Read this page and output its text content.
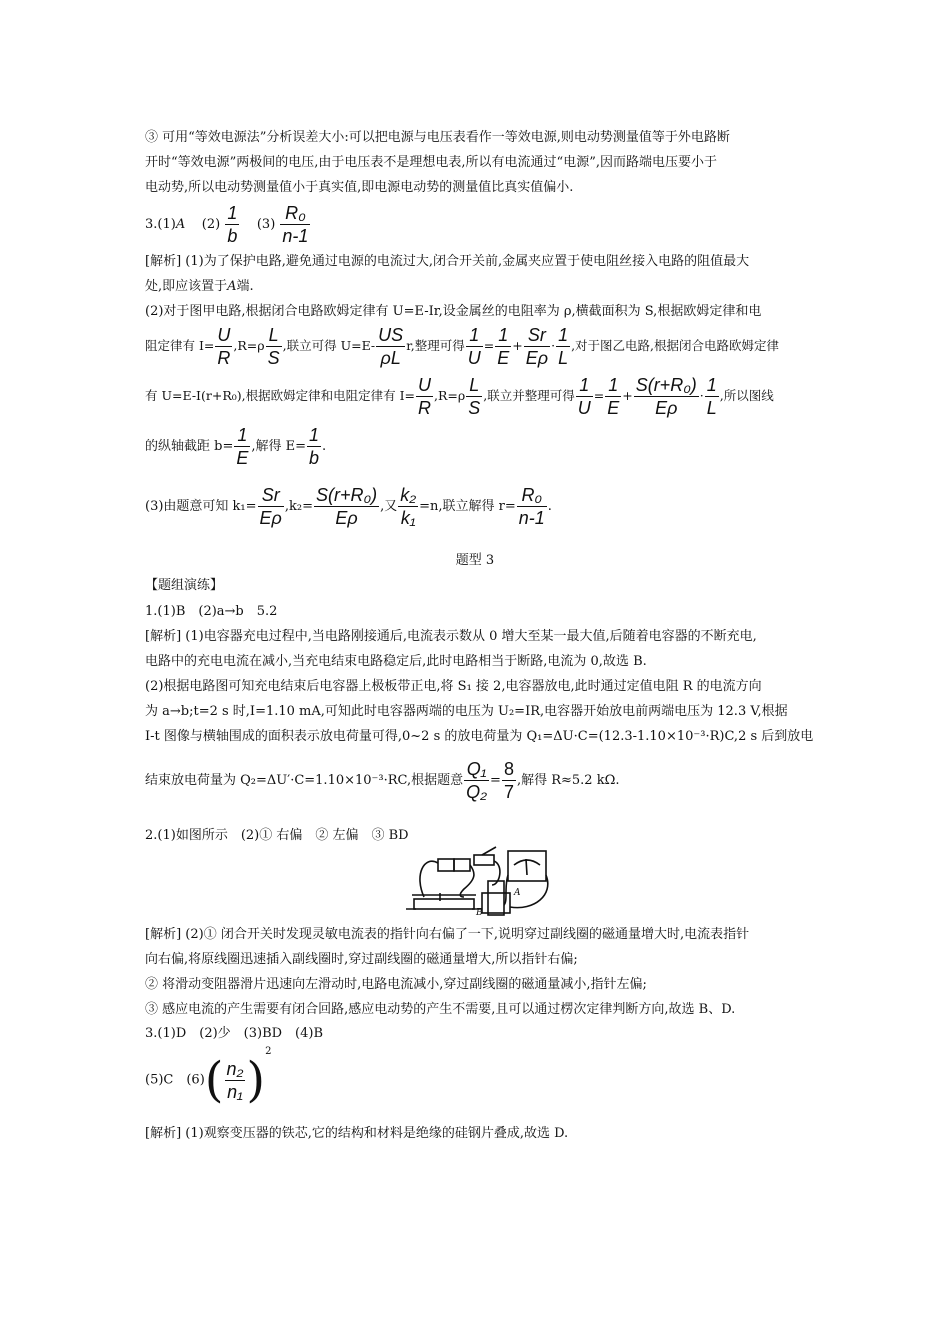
③ 可用“等效电源法”分析误差大小:可以把电源与电压表看作一等效电源,则电动势测量值等于外电路断
开时“等效电源”两极间的电压,由于电压表不是理想电表,所以有电流通过“电源”,因而路端电压要小于
电动势,所以电动势测量值小于真实值,即电源电动势的测量值比真实值偏小.
3.(1)A $(2) \frac{1}{b} (3) \frac{\text{R₀}}{n-1}$
[解析] (1)为了保护电路,避免通过电源的电流过大,闭合开关前,金属夹应置于使电阻丝接入电路的阻值最大
处,即应该置于A端.
(2)对于图甲电路,根据闭合电路欧姆定律有 U=E-Ir,设金属丝的电阻率为 ρ,横截面积为 S,根据欧姆定律和电
阻定律有 $I= \frac{U}{R} ,R=\rho \frac{L}{S}$ ,联立可得 $U=E- \frac{US}{\rho L} r$,整理可得 $\frac{1}{U} = \frac{1}{E} + \frac{Sr}{E\rho} \cdot \frac{1}{L}$ ,对于图乙电路,根据闭合电路欧姆定律
有 U=E-I(r+R₀),根据欧姆定律和电阻定律有 $I= \frac{U}{R} ,R=\rho \frac{L}{S}$ ,联立并整理可得 $\frac{1}{U} = \frac{1}{E} + \frac{\text{S(r+R₀)}}{E\rho} \cdot \frac{1}{L}$ ,所以图线
的纵轴截距 $b= \frac{1}{E}$ ,解得 $E= \frac{1}{b}$ .
(3)由题意可知 $k_1= \frac{Sr}{E\rho} ,k_2= \frac{\text{S(r+R₀)}}{E\rho}$ ,又 $\frac{\text{k₂}}{\text{k₁}} =n$,联立解得 $r= \frac{\text{R₀}}{n-1}$ .
题型 3
【题组演练】
1.(1)B　(2)a→b　5.2
[解析] (1)电容器充电过程中,当电路刚接通后,电流表示数从 0 增大至某一最大值,后随着电容器的不断充电,
电路中的充电电流在减小,当充电结束电路稳定后,此时电路相当于断路,电流为 0,故选 B.
(2)根据电路图可知充电结束后电容器上极板带正电,将 S₁ 接 2,电容器放电,此时通过定值电阻 R 的电流方向
为 a→b;t=2 s 时,I=1.10 mA,可知此时电容器两端的电压为 U₂=IR,电容器开始放电前两端电压为 12.3 V,根据
I-t 图像与横轴围成的面积表示放电荷量可得,0~2 s 的放电荷量为 Q₁=ΔU·C=(12.3-1.10×10⁻³·R)C,2 s 后到放电
结束放电荷量为 Q₂=ΔU′·C=1.10×10⁻³·RC,根据题意 $\frac{\text{Q₁}}{\text{Q₂}} = \frac{8}{7}$ ,解得 R≈5.2 kΩ.
2.(1)如图所示　(2)① 右偏　② 左偏　③ BD
A
B
[解析] (2)① 闭合开关时发现灵敏电流表的指针向右偏了一下,说明穿过副线圈的磁通量增大时,电流表指针
向右偏,将原线圈迅速插入副线圈时,穿过副线圈的磁通量增大,所以指针右偏;
② 将滑动变阻器滑片迅速向左滑动时,电路电流减小,穿过副线圈的磁通量减小,指针左偏;
③ 感应电流的产生需要有闭合回路,感应电动势的产生不需要,且可以通过楞次定律判断方向,故选 B、D.
3.(1)D　(2)少　(3)BD　(4)B
(5)C　$(6)( \frac{\text{n₂}}{\text{n₁}} )^2$
[解析] (1)观察变压器的铁芯,它的结构和材料是绝缘的硅钢片叠成,故选 D.
